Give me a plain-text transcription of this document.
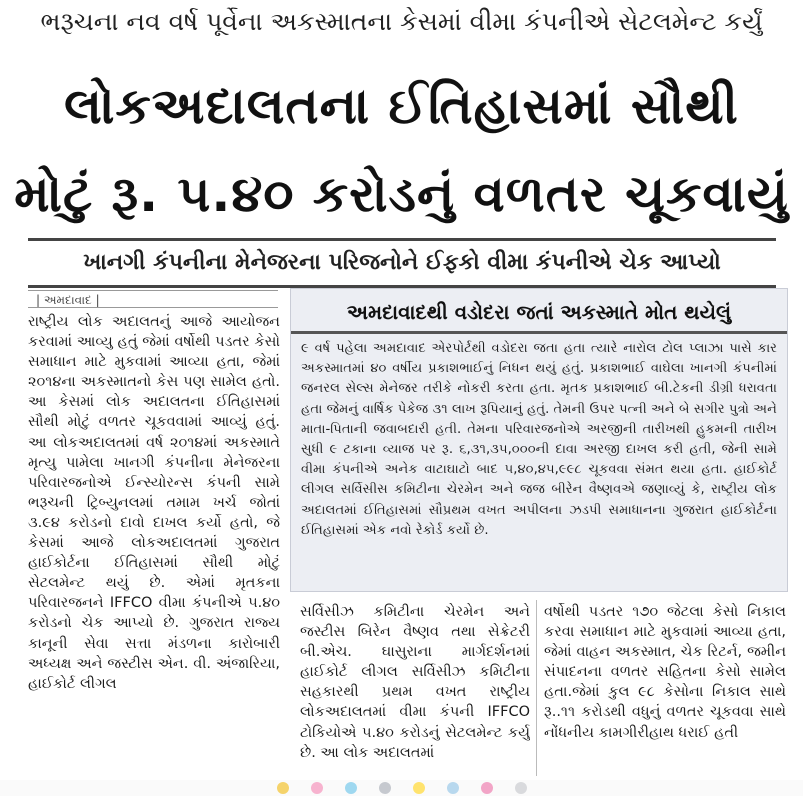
ભરૂચના નવ વર્ષ પૂર્વેના અકસ્માતના કેસમાં વીમા કંપનીએ સેટલમેન્ટ કર્યું
લોકઅદાલતના ઈતિહાસમાં સૌથી
મોટું રૂ. ૫.૪૦ કરોડનું વળતર ચૂકવાયું
ખાનગી કંપનીના મેનેજરના પરિજનોને ઈફકો વીમા કંપનીએ ચેક આપ્યો
| અમદાવાદ |
રાષ્ટ્રીય લોક અદાલતનું આજે આયોજન કરવામાં આવ્યુ હતું જેમાં વર્ષોથી પડતર કેસો સમાધાન માટે મુકવામાં આવ્યા હતા, જેમાં ૨૦૧૪ના અકસ્માતનો કેસ પણ સામેલ હતો. આ કેસમાં લોક અદાલતના ઈતિહાસમાં સૌથી મોટું વળતર ચૂકવવામાં આવ્યું હતું. આ લોકઅદાલતમાં વર્ષ ૨૦૧૪માં અકસ્માતે મૃત્યુ પામેલા ખાનગી કંપનીના મેનેજરના પરિવારજનોએ ઈન્સ્યોરન્સ કંપની સામે ભરૂચની ટ્રિબ્યુનલમાં તમામ ખર્ચ જોતાં ૩.૯૪ કરોડનો દાવો દાખલ કર્યો હતો, જે કેસમાં આજે લોકઅદાલતમાં ગુજરાત હાઈકોર્ટના ઈતિહાસમાં સૌથી મોટું સેટલમેન્ટ થયું છે. એમાં મૃતકના પરિવારજનને IFFCO વીમા કંપનીએ ૫.૪૦ કરોડનો ચેક આપ્યો છે. ગુજરાત રાજ્ય કાનૂની સેવા સત્તા મંડળના કારોબારી અધ્યક્ષ અને જસ્ટીસ એન. વી. અંજારિયા, હાઈકોર્ટ લીગલ
અમદાવાદથી વડોદરા જતાં અકસ્માતે મોત થયેલું
૯ વર્ષ પહેલા અમદાવાદ એરપોર્ટથી વડોદરા જતા હતા ત્યારે નારોલ ટોલ પ્લાઝા પાસે કાર અકસ્માતમાં ૪૦ વર્ષીય પ્રકાશભાઈનું નિધન થયું હતું. પ્રકાશભાઈ વાઘેલા ખાનગી કંપનીમાં જનરલ સેલ્સ મેનેજર તરીકે નોકરી કરતા હતા. મૃતક પ્રકાશભાઈ બી.ટેકની ડીગ્રી ધરાવતા હતા જેમનું વાર્ષિક પેકેજ ૩૧ લાખ રૂપિયાનું હતું. તેમની ઉપર પત્ની અને બે સગીર પુત્રો અને માતા-પિતાની જવાબદારી હતી. તેમના પરિવારજનોએ અરજીની તારીખથી હુકમની તારીખ સુધી ૯ ટકાના વ્યાજ પર રૂ. ૬,૩૧,૩૫,૦૦૦ની દાવા અરજી દાખલ કરી હતી, જેની સામે વીમા કંપનીએ અનેક વાટાઘાટો બાદ ૫,૪૦,૪૫,૯૯૮ ચૂકવવા સંમત થયા હતા. હાઈકોર્ટ લીગલ સર્વિસીસ કમિટીના ચેરમેન અને જજ બીરેન વૈષ્ણવએ જણાવ્યું કે, રાષ્ટ્રીય લોક અદાલતમાં ઈતિહાસમાં સૌપ્રથમ વખત અપીલના ઝડપી સમાધાનના ગુજરાત હાઈકોર્ટના ઈતિહાસમાં એક નવો રેકોર્ડ કર્યો છે.
સર્વિસીઝ કમિટીના ચેરમેન અને જસ્ટીસ બિરેન વૈષ્ણવ તથા સેક્રેટરી બી.એચ. ઘાસુરાના માર્ગદર્શનમાં હાઈકોર્ટ લીગલ સર્વિસીઝ કમિટીના સહકારથી પ્રથમ વખત રાષ્ટ્રીય લોકઅદાલતમાં વીમા કંપની IFFCO ટોકિયોએ ૫.૪૦ કરોડનું સેટલમેન્ટ કર્યુ છે. આ લોક અદાલતમાં
વર્ષોથી પડતર ૧૭૦ જેટલા કેસો નિકાલ કરવા સમાધાન માટે મુકવામાં આવ્યા હતા, જેમાં વાહન અકસ્માત, ચેક રિટર્ન, જમીન સંપાદનના વળતર સહિતના કેસો સામેલ હતા.જેમાં કુલ ૯૮ કેસોના નિકાલ સાથે રૂ..૧૧ કરોડથી વધુનું વળતર ચૂકવવા સાથે નોંધનીય કામગીરીહાથ ધરાઈ હતી
